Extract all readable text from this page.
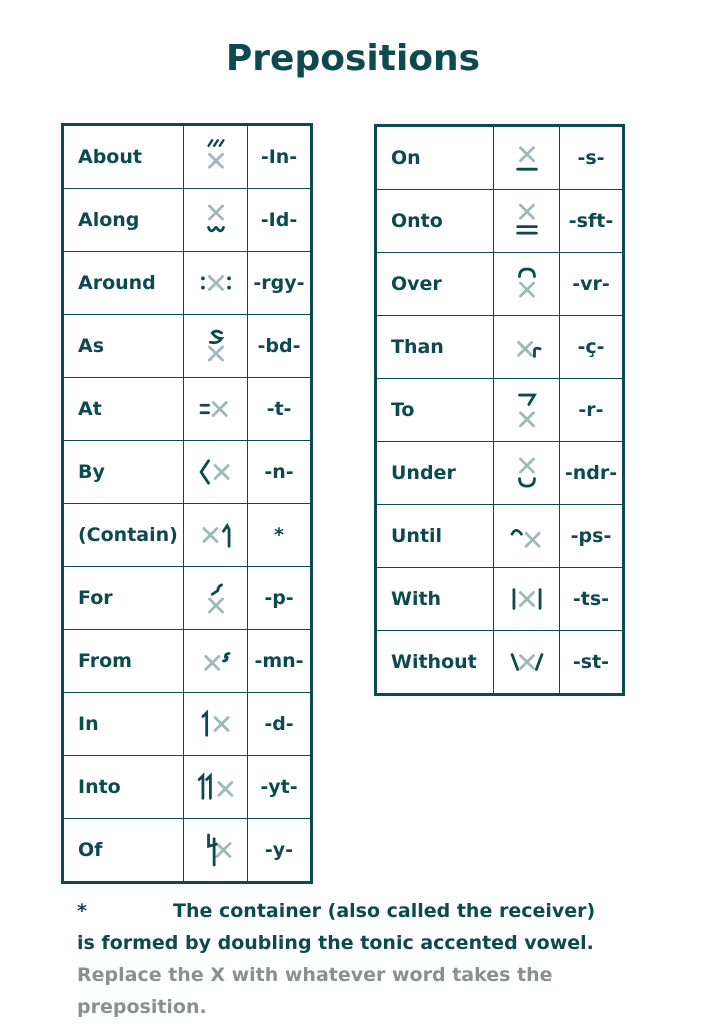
Prepositions
About		-In-
Along		-Id-
Around		-rgy-
As		-bd-
At		-t-
By		-n-
(Contain)		*
For		-p-
From		-mn-
In		-d-
Into		-yt-
Of		-y-
On		-s-
Onto		-sft-
Over		-vr-
Than		-ç-
To		-r-
Under		-ndr-
Until		-ps-
With		-ts-
Without		-st-
*	The container (also called the receiver)
is formed by doubling the tonic accented vowel.
Replace the X with whatever word takes the preposition.
